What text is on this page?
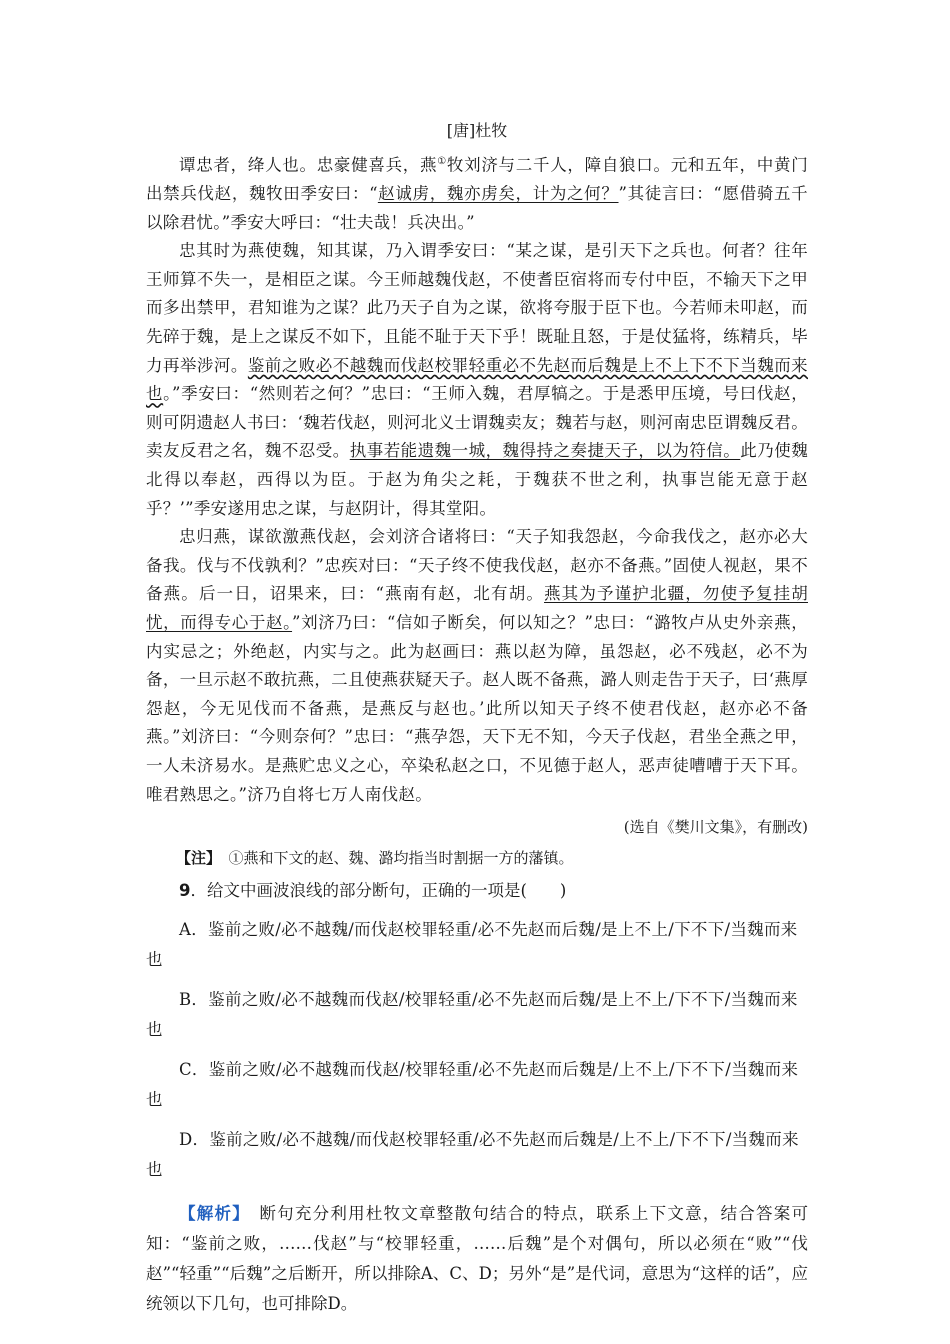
[唐]杜牧

谭忠者，绛人也。忠豪健喜兵，燕①牧刘济与二千人，障自狼口。元和五年，中黄门出禁兵伐赵，魏牧田季安曰：“赵诚虏，魏亦虏矣，计为之何？”其徒言曰：“愿借骑五千以除君忧。”季安大呼曰：“壮夫哉！兵决出。”

忠其时为燕使魏，知其谋，乃入谓季安曰：“某之谋，是引天下之兵也。何者？往年王师算不失一，是相臣之谋。今王师越魏伐赵，不使耆臣宿将而专付中臣，不输天下之甲而多出禁甲，君知谁为之谋？此乃天子自为之谋，欲将夸服于臣下也。今若师未叩赵，而先碎于魏，是上之谋反不如下，且能不耻于天下乎！既耻且怒，于是仗猛将，练精兵，毕力再举涉河。鉴前之败必不越魏而伐赵校罪轻重必不先赵而后魏是上不上下不下当魏而来也。”季安曰：“然则若之何？”忠曰：“王师入魏，君厚犒之。于是悉甲压境，号曰伐赵，则可阴遗赵人书曰：‘魏若伐赵，则河北义士谓魏卖友；魏若与赵，则河南忠臣谓魏反君。卖友反君之名，魏不忍受。执事若能遗魏一城，魏得持之奏捷天子，以为符信。此乃使魏北得以奉赵，西得以为臣。于赵为角尖之耗，于魏获不世之利，执事岂能无意于赵乎？’”季安遂用忠之谋，与赵阴计，得其堂阳。

忠归燕，谋欲激燕伐赵，会刘济合诸将曰：“天子知我怨赵，今命我伐之，赵亦必大备我。伐与不伐孰利？”忠疾对曰：“天子终不使我伐赵，赵亦不备燕。”固使人视赵，果不备燕。后一日，诏果来，曰：“燕南有赵，北有胡。燕其为予谨护北疆，勿使予复挂胡忧，而得专心于赵。”刘济乃曰：“信如子断矣，何以知之？”忠曰：“潞牧卢从史外亲燕，内实忌之；外绝赵，内实与之。此为赵画曰：燕以赵为障，虽怨赵，必不残赵，必不为备，一旦示赵不敢抗燕，二且使燕获疑天子。赵人既不备燕，潞人则走告于天子，曰‘燕厚怨赵，今无见伐而不备燕，是燕反与赵也。’此所以知天子终不使君伐赵，赵亦必不备燕。”刘济曰：“今则奈何？”忠曰：“燕孕怨，天下无不知，今天子伐赵，君坐全燕之甲，一人未济易水。是燕贮忠义之心，卒染私赵之口，不见德于赵人，恶声徒嘈嘈于天下耳。唯君熟思之。”济乃自将七万人南伐赵。

(选自《樊川文集》，有删改)

【注】　 ①燕和下文的赵、魏、潞均指当时割据一方的藩镇。

9．给文中画波浪线的部分断句，正确的一项是(　　)

A．鉴前之败/必不越魏/而伐赵校罪轻重/必不先赵而后魏/是上不上/下不下/当魏而来

也

B．鉴前之败/必不越魏而伐赵/校罪轻重/必不先赵而后魏/是上不上/下不下/当魏而来

也

C．鉴前之败/必不越魏而伐赵/校罪轻重/必不先赵而后魏是/上不上/下不下/当魏而来

也

D．鉴前之败/必不越魏/而伐赵校罪轻重/必不先赵而后魏是/上不上/下不下/当魏而来

也

【解析】　断句充分利用杜牧文章整散句结合的特点，联系上下文意，结合答案可知：“鉴前之败，……伐赵”与“校罪轻重，……后魏”是个对偶句，所以必须在“败”“伐赵”“轻重”“后魏”之后断开，所以排除A、C、D；另外“是”是代词，意思为“这样的话”，应统领以下几句，也可排除D。
